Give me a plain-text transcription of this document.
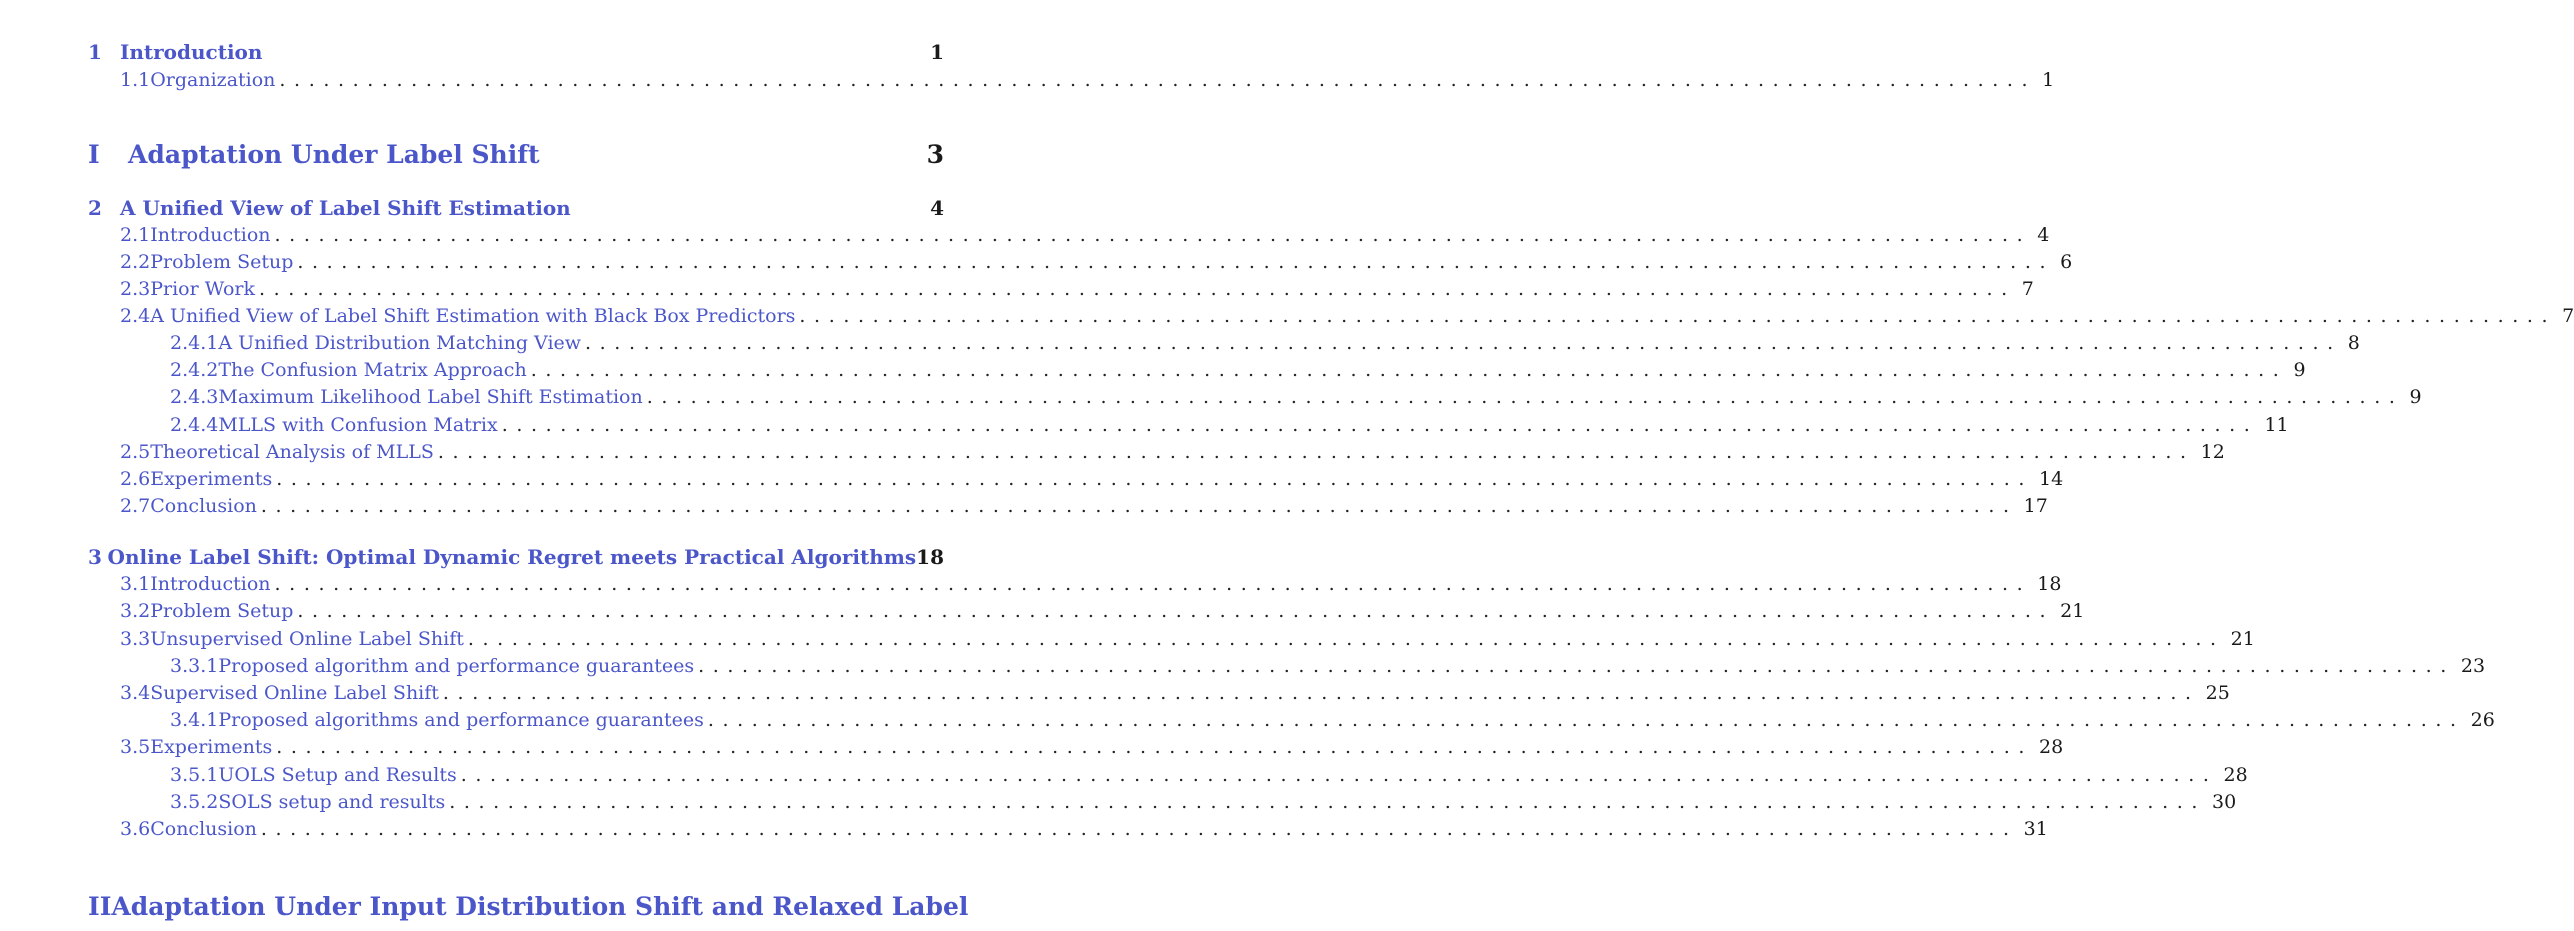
1 Introduction	1
1.1 Organization ........................................................................................................................ 1
I	Adaptation Under Label Shift	3
2 A Unified View of Label Shift Estimation	4
2.1 Introduction ........................................................................................................................ 4
2.2 Problem Setup ........................................................................................................................ 6
2.3 Prior Work ........................................................................................................................ 7
2.4 A Unified View of Label Shift Estimation with Black Box Predictors ........................................................................................................................ 7
2.4.1 A Unified Distribution Matching View ........................................................................................................................ 8
2.4.2 The Confusion Matrix Approach ........................................................................................................................ 9
2.4.3 Maximum Likelihood Label Shift Estimation ........................................................................................................................ 9
2.4.4 MLLS with Confusion Matrix ........................................................................................................................ 11
2.5 Theoretical Analysis of MLLS ........................................................................................................................ 12
2.6 Experiments ........................................................................................................................ 14
2.7 Conclusion ........................................................................................................................ 17
3 Online Label Shift: Optimal Dynamic Regret meets Practical Algorithms 18
3.1 Introduction ........................................................................................................................ 18
3.2 Problem Setup ........................................................................................................................ 21
3.3 Unsupervised Online Label Shift ........................................................................................................................ 21
3.3.1 Proposed algorithm and performance guarantees ........................................................................................................................ 23
3.4 Supervised Online Label Shift ........................................................................................................................ 25
3.4.1 Proposed algorithms and performance guarantees ........................................................................................................................ 26
3.5 Experiments ........................................................................................................................ 28
3.5.1 UOLS Setup and Results ........................................................................................................................ 28
3.5.2 SOLS setup and results ........................................................................................................................ 30
3.6 Conclusion ........................................................................................................................ 31
II Adaptation Under Input Distribution Shift and Relaxed Label
